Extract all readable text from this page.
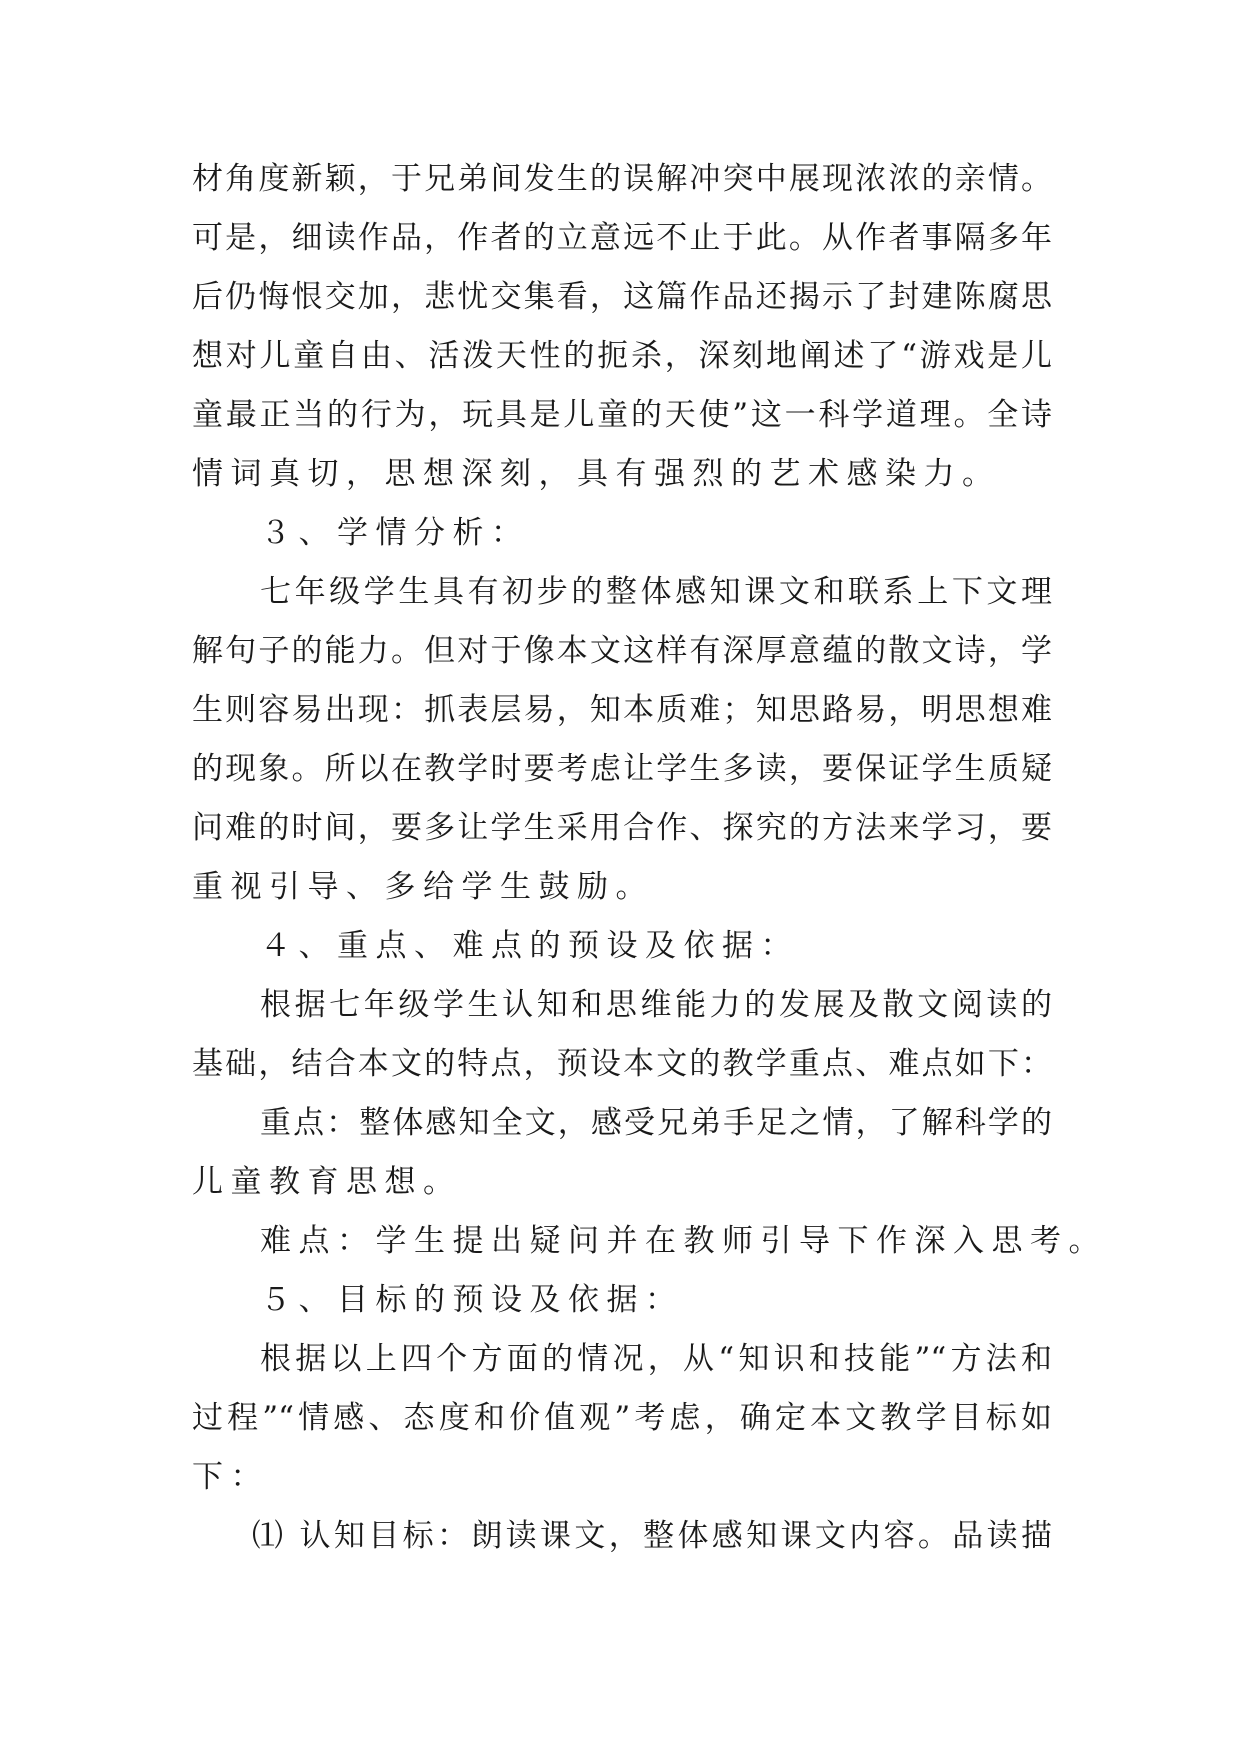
材角度新颖，于兄弟间发生的误解冲突中展现浓浓的亲情。
可是，细读作品，作者的立意远不止于此。从作者事隔多年
后仍悔恨交加，悲忧交集看，这篇作品还揭示了封建陈腐思
想对儿童自由、活泼天性的扼杀，深刻地阐述了“游戏是儿
童最正当的行为，玩具是儿童的天使”这一科学道理。全诗
情词真切，思想深刻，具有强烈的艺术感染力。
３、学情分析：
七年级学生具有初步的整体感知课文和联系上下文理
解句子的能力。但对于像本文这样有深厚意蕴的散文诗，学
生则容易出现：抓表层易，知本质难；知思路易，明思想难
的现象。所以在教学时要考虑让学生多读，要保证学生质疑
问难的时间，要多让学生采用合作、探究的方法来学习，要
重视引导、多给学生鼓励。
４、重点、难点的预设及依据：
根据七年级学生认知和思维能力的发展及散文阅读的
基础，结合本文的特点，预设本文的教学重点、难点如下：
重点：整体感知全文，感受兄弟手足之情，了解科学的
儿童教育思想。
难点：学生提出疑问并在教师引导下作深入思考。
５、目标的预设及依据：
根据以上四个方面的情况，从“知识和技能”“方法和
过程”“情感、态度和价值观”考虑，确定本文教学目标如
下：
⑴ 认知目标：朗读课文，整体感知课文内容。品读描
